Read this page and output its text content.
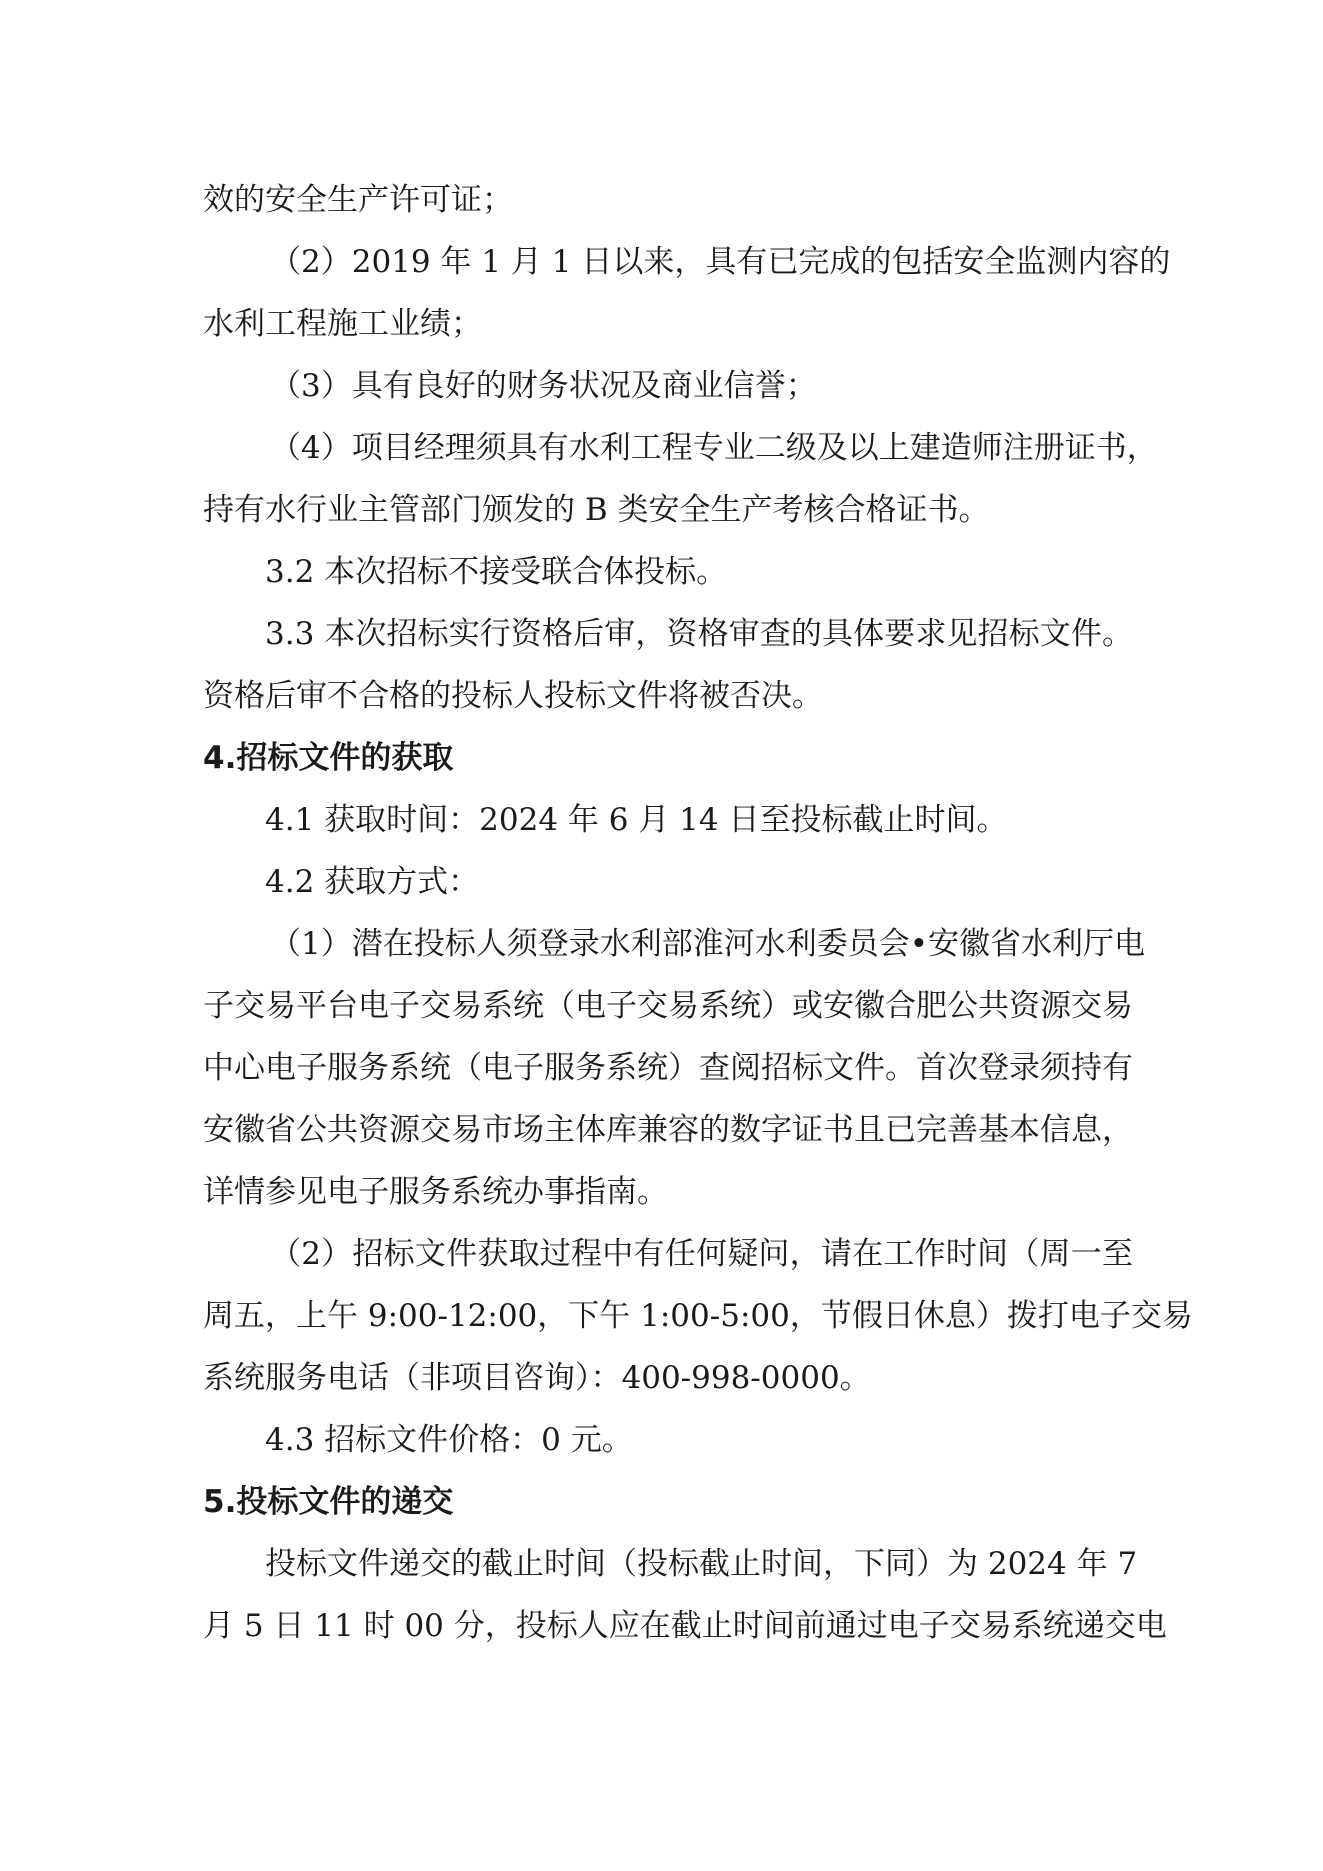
效的安全生产许可证；
（2）2019 年 1 月 1 日以来，具有已完成的包括安全监测内容的
水利工程施工业绩；
（3）具有良好的财务状况及商业信誉；
（4）项目经理须具有水利工程专业二级及以上建造师注册证书，
持有水行业主管部门颁发的 B 类安全生产考核合格证书。
3.2 本次招标不接受联合体投标。
3.3 本次招标实行资格后审，资格审查的具体要求见招标文件。
资格后审不合格的投标人投标文件将被否决。
4.招标文件的获取
4.1 获取时间：2024 年 6 月 14 日至投标截止时间。
4.2 获取方式：
（1）潜在投标人须登录水利部淮河水利委员会•安徽省水利厅电
子交易平台电子交易系统（电子交易系统）或安徽合肥公共资源交易
中心电子服务系统（电子服务系统）查阅招标文件。首次登录须持有
安徽省公共资源交易市场主体库兼容的数字证书且已完善基本信息，
详情参见电子服务系统办事指南。
（2）招标文件获取过程中有任何疑问，请在工作时间（周一至
周五，上午 9:00-12:00，下午 1:00-5:00，节假日休息）拨打电子交易
系统服务电话（非项目咨询）：400-998-0000。
4.3 招标文件价格：0 元。
5.投标文件的递交
投标文件递交的截止时间（投标截止时间，下同）为 2024 年 7
月 5 日 11 时 00 分，投标人应在截止时间前通过电子交易系统递交电
